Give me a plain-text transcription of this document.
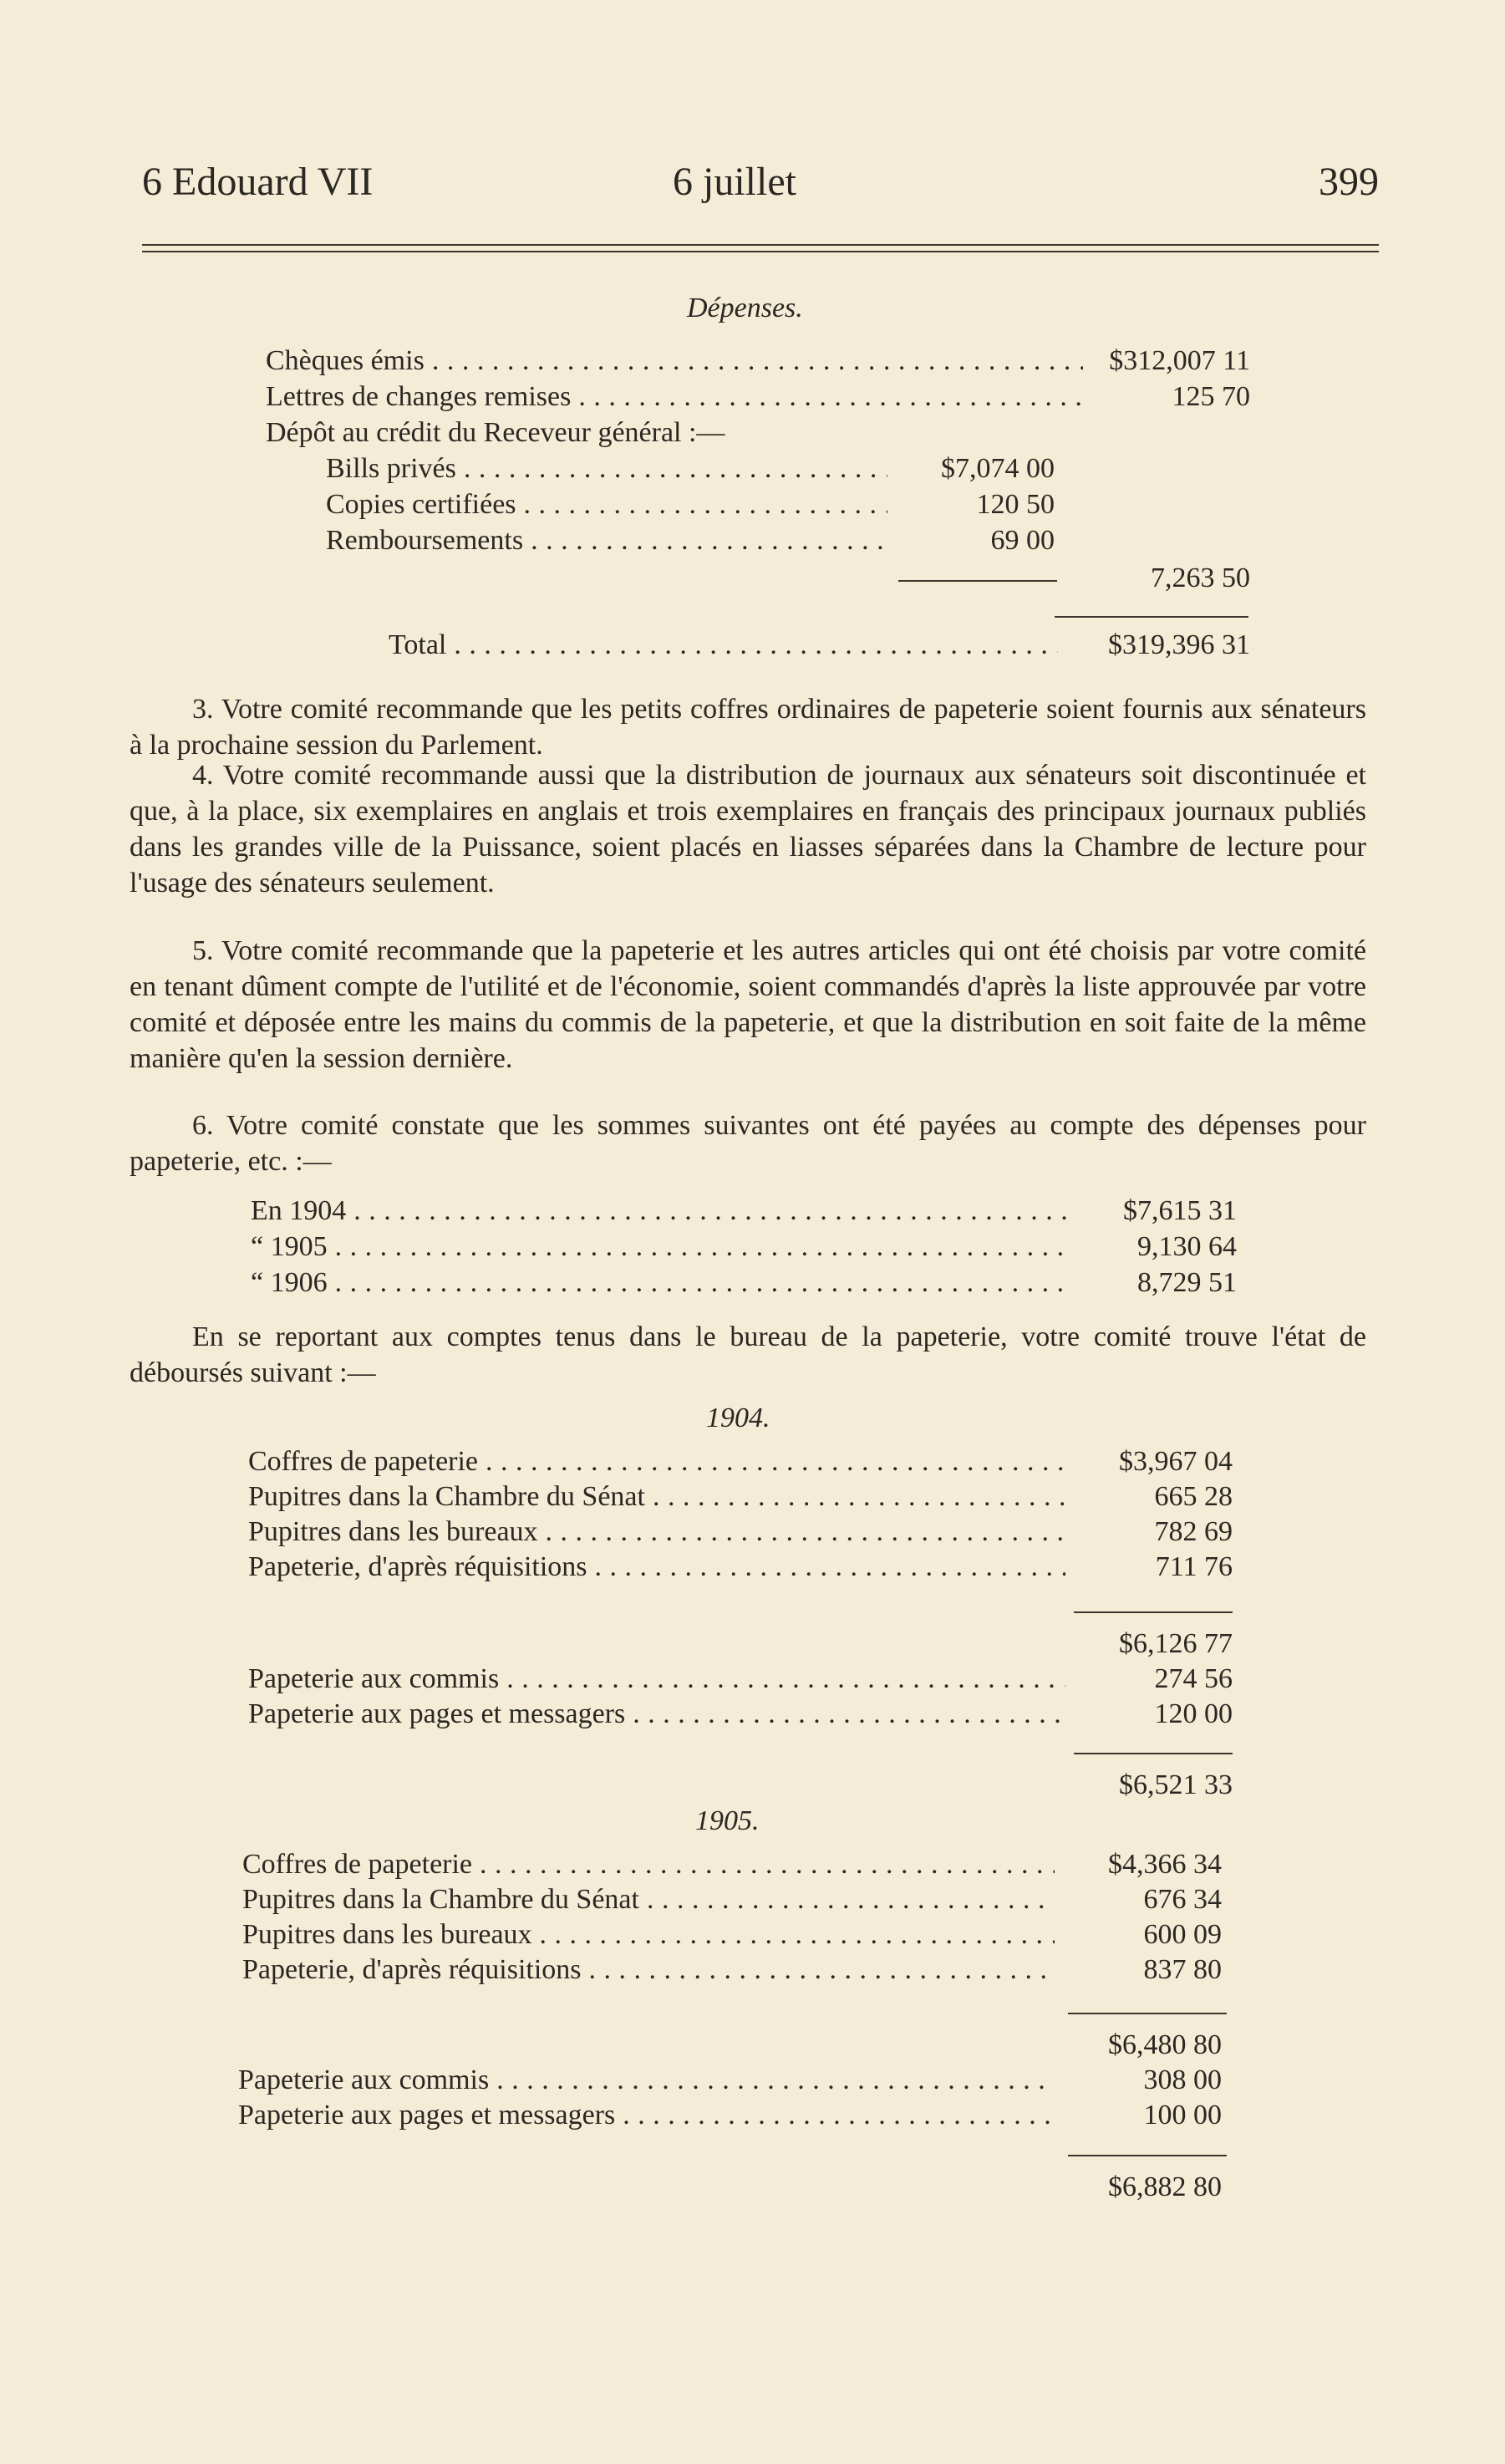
6 Edouard VII	6 juillet	399
Dépenses.
Chèques émis . . .	$312,007 11
Lettres de changes remises . . .	125 70
Dépôt au crédit du Receveur général :—
Bills privés . . .	$7,074 00
Copies certifiées . . .	120 50
Remboursements . . .	69 00
7,263 50
Total . . .	$319,396 31
3. Votre comité recommande que les petits coffres ordinaires de papeterie soient fournis aux sénateurs à la prochaine session du Parlement.
4. Votre comité recommande aussi que la distribution de journaux aux sénateurs soit discontinuée et que, à la place, six exemplaires en anglais et trois exemplaires en français des principaux journaux publiés dans les grandes ville de la Puissance, soient placés en liasses séparées dans la Chambre de lecture pour l'usage des sénateurs seulement.
5. Votre comité recommande que la papeterie et les autres articles qui ont été choisis par votre comité en tenant dûment compte de l'utilité et de l'économie, soient commandés d'après la liste approuvée par votre comité et déposée entre les mains du commis de la papeterie, et que la distribution en soit faite de la même manière qu'en la session dernière.
6. Votre comité constate que les sommes suivantes ont été payées au compte des dépenses pour papeterie, etc. :—
En 1904 . . .	$7,615 31
“ 1905 . . .	9,130 64
“ 1906 . . .	8,729 51
En se reportant aux comptes tenus dans le bureau de la papeterie, votre comité trouve l'état de déboursés suivant :—
1904.
Coffres de papeterie . . .	$3,967 04
Pupitres dans la Chambre du Sénat . . .	665 28
Pupitres dans les bureaux . . .	782 69
Papeterie, d'après réquisitions . . .	711 76
$6,126 77
Papeterie aux commis . . .	274 56
Papeterie aux pages et messagers . . .	120 00
$6,521 33
1905.
Coffres de papeterie . . .	$4,366 34
Pupitres dans la Chambre du Sénat . . .	676 34
Pupitres dans les bureaux . . .	600 09
Papeterie, d'après réquisitions . . .	837 80
$6,480 80
Papeterie aux commis . . .	308 00
Papeterie aux pages et messagers . . .	100 00
$6,882 80
